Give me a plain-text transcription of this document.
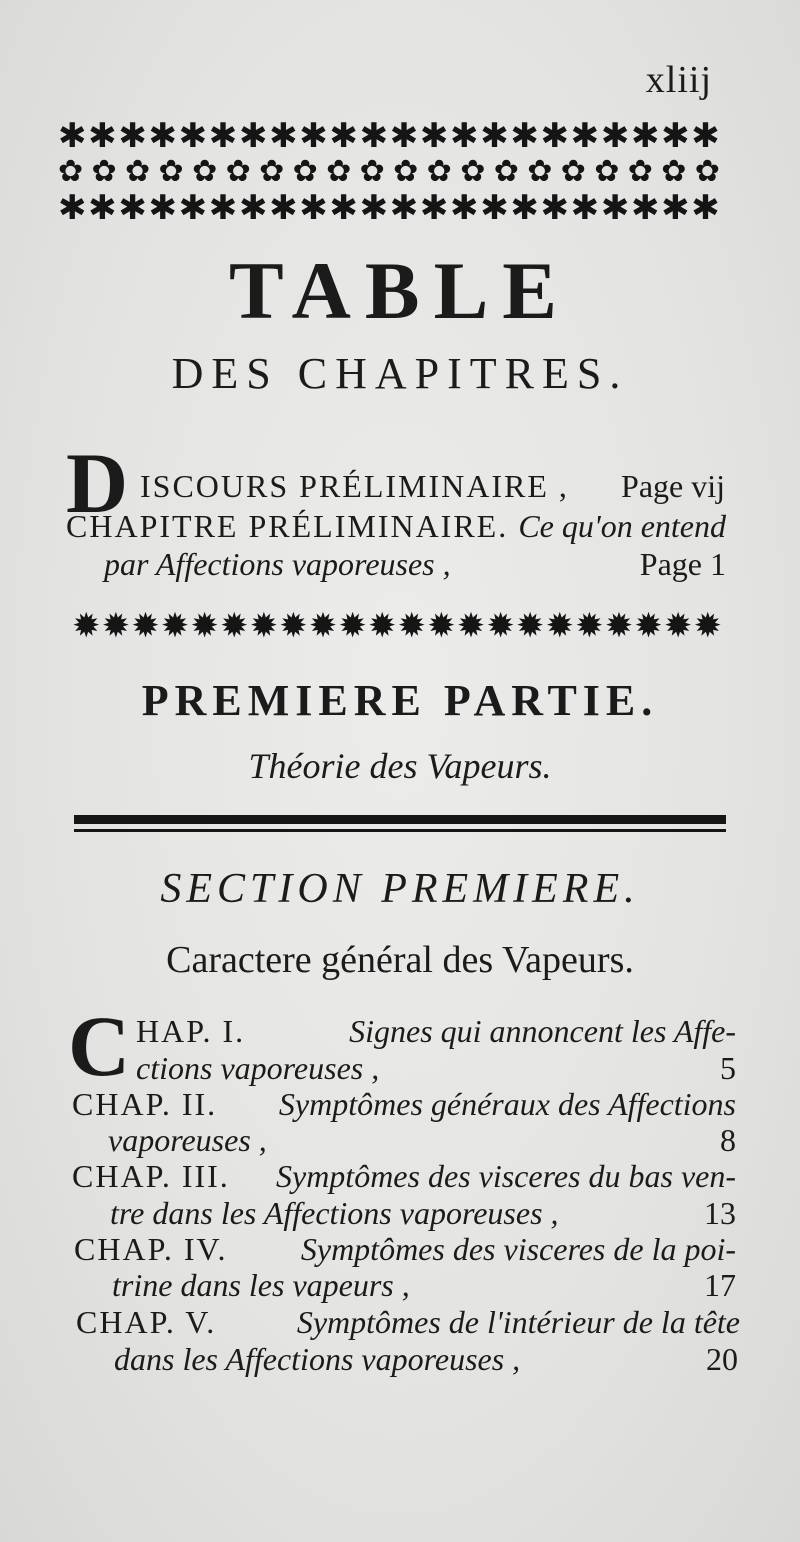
xliij
✱ ✱ ✱ ✱ ✱ ✱ ✱ ✱ ✱ ✱ ✱ ✱ ✱ ✱ ✱ ✱ ✱ ✱ ✱ ✱ ✱ ✱
✿ ✿ ✿ ✿ ✿ ✿ ✿ ✿ ✿ ✿ ✿ ✿ ✿ ✿ ✿ ✿ ✿ ✿ ✿ ✿
✱ ✱ ✱ ✱ ✱ ✱ ✱ ✱ ✱ ✱ ✱ ✱ ✱ ✱ ✱ ✱ ✱ ✱ ✱ ✱ ✱ ✱
TABLE
DES CHAPITRES.
D ISCOURS PRÉLIMINAIRE , Page vij
CHAPITRE PRÉLIMINAIRE. Ce qu'on entend
par Affections vaporeuses ,	Page 1
✹ ✹ ✹ ✹ ✹ ✹ ✹ ✹ ✹ ✹ ✹ ✹ ✹ ✹ ✹ ✹ ✹ ✹ ✹ ✹ ✹ ✹
PREMIERE PARTIE.
Théorie des Vapeurs.
SECTION PREMIERE.
Caractere général des Vapeurs.
C HAP. I.	Signes qui annoncent les Affe-
ctions vaporeuses ,	5
CHAP. II. Symptômes généraux des Affections
vaporeuses ,	8
CHAP. III. Symptômes des visceres du bas ven-
tre dans les Affections vaporeuses ,	13
CHAP. IV. Symptômes des visceres de la poi-
trine dans les vapeurs ,	17
CHAP. V.	Symptômes de l'intérieur de la tête
dans les Affections vaporeuses ,	20
